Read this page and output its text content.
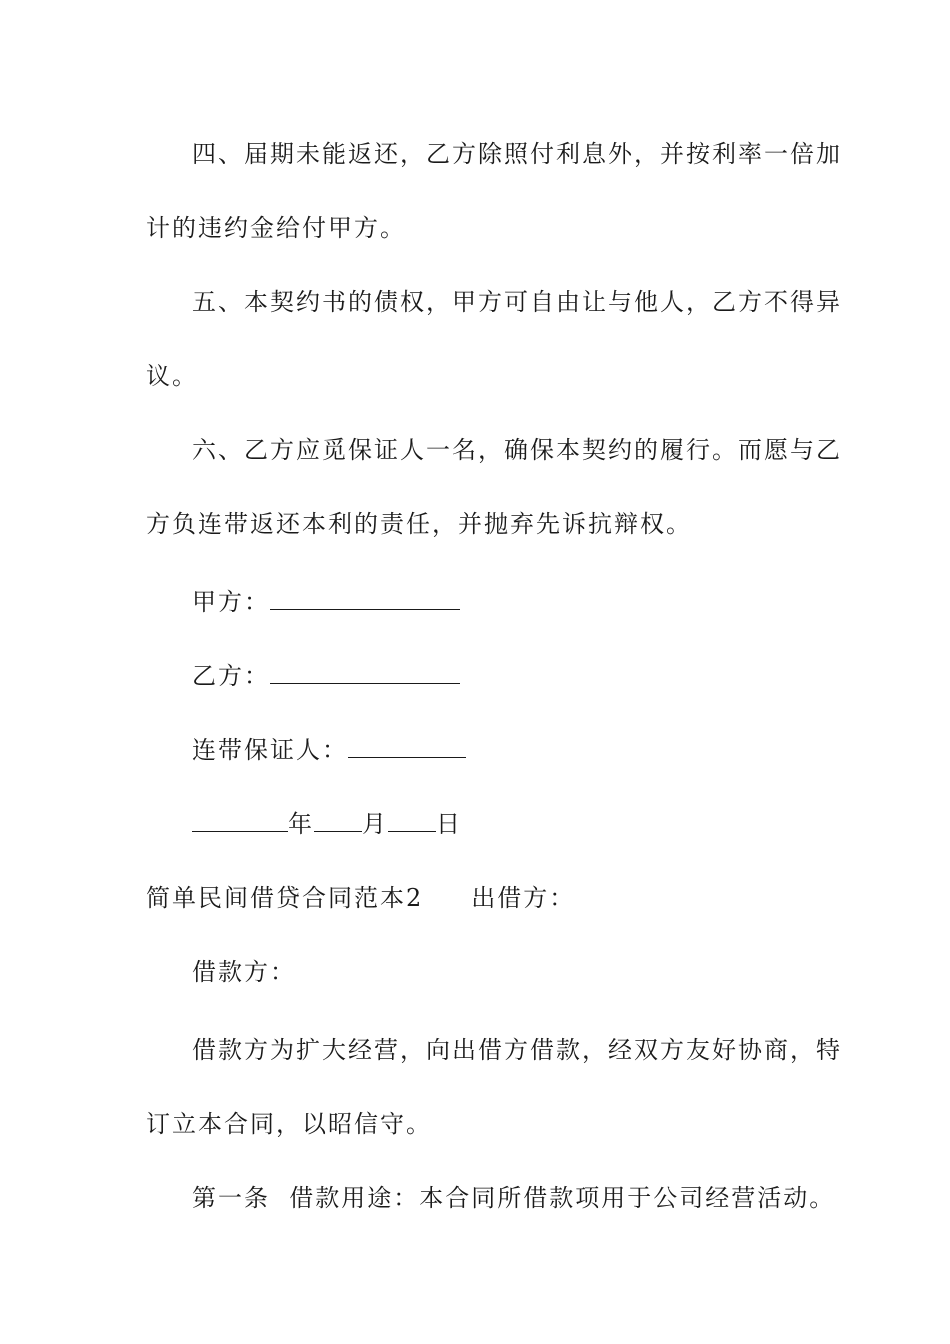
四、届期未能返还，乙方除照付利息外，并按利率一倍加
计的违约金给付甲方。
五、本契约书的债权，甲方可自由让与他人，乙方不得异
议。
六、乙方应觅保证人一名，确保本契约的履行。而愿与乙
方负连带返还本利的责任，并抛弃先诉抗辩权。
甲方：
乙方：
连带保证人：
年 月 日
简单民间借贷合同范本2 出借方：
借款方：
借款方为扩大经营，向出借方借款，经双方友好协商，特
订立本合同，以昭信守。
第一条  借款用途：本合同所借款项用于公司经营活动。
